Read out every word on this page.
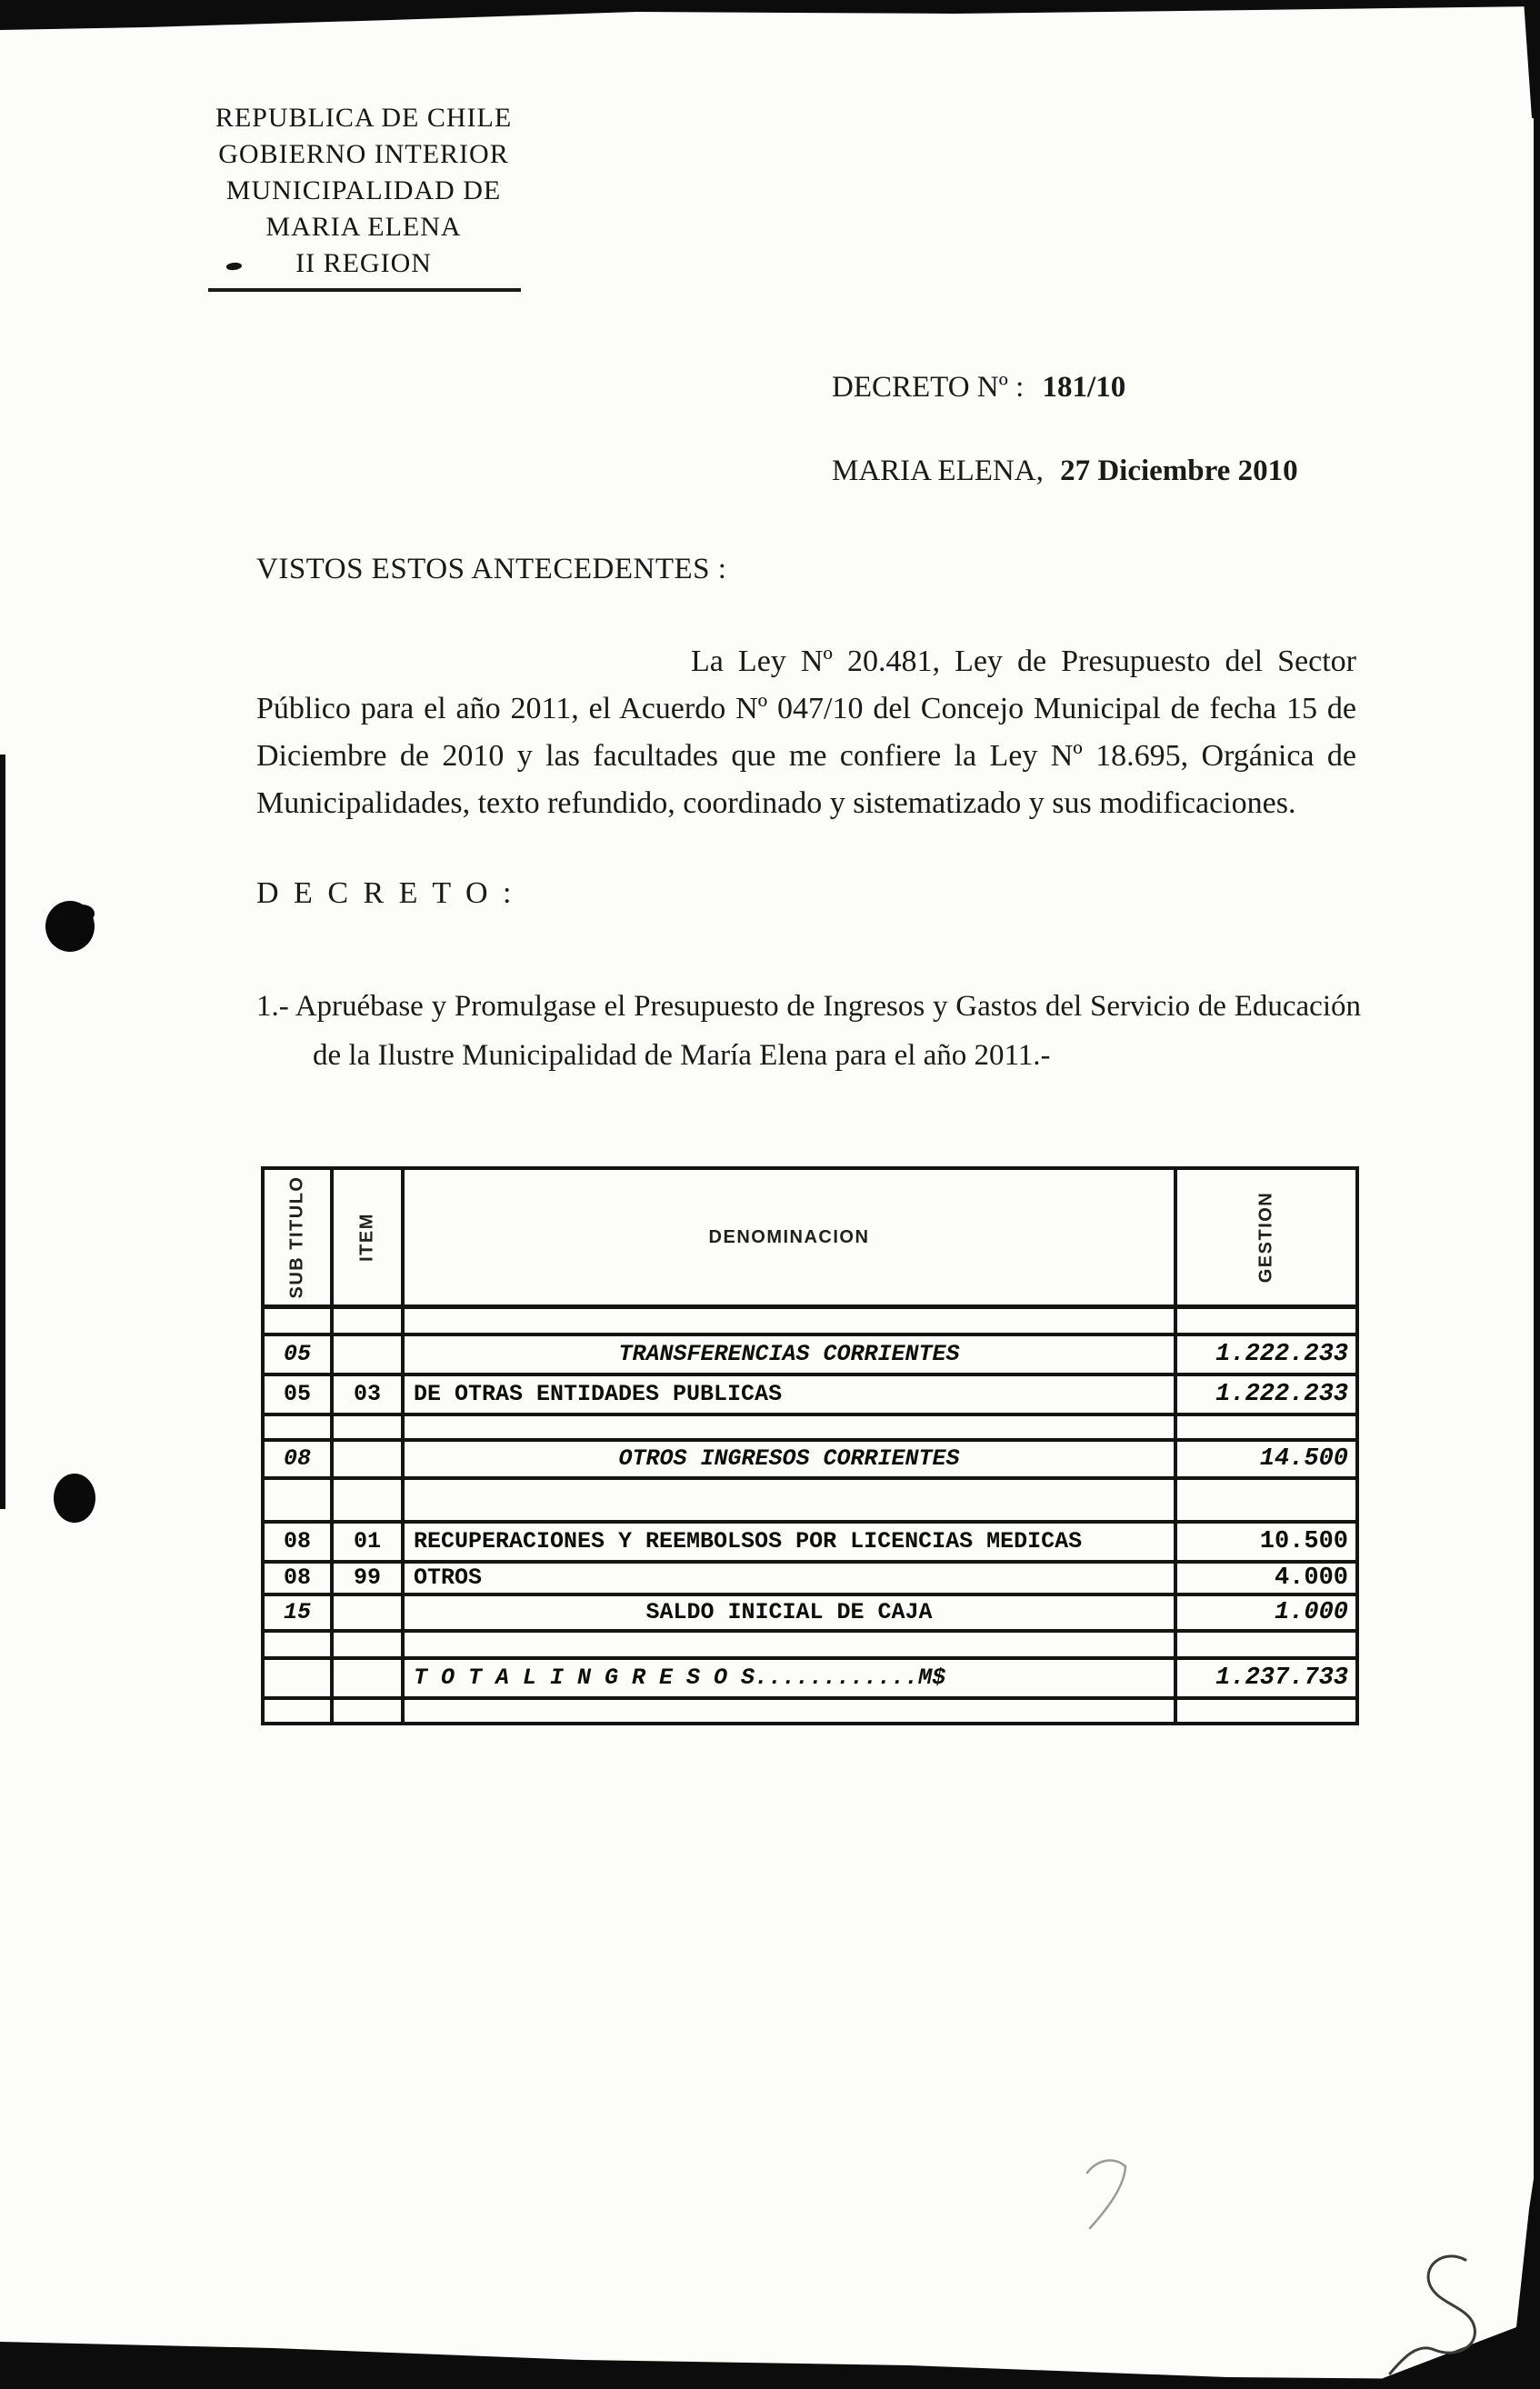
REPUBLICA DE CHILE
GOBIERNO INTERIOR
MUNICIPALIDAD DE
MARIA ELENA
II REGION
DECRETO Nº : 181/10
MARIA ELENA, 27 Diciembre 2010
VISTOS ESTOS ANTECEDENTES :
La Ley Nº 20.481, Ley de Presupuesto del Sector
Público para el año 2011, el Acuerdo Nº 047/10 del Concejo Municipal de fecha 15 de
Diciembre de 2010 y las facultades que me confiere la Ley Nº 18.695, Orgánica de
Municipalidades, texto refundido, coordinado y sistematizado y sus modificaciones.
D E C R E T O :
1.- Apruébase y Promulgase el Presupuesto de Ingresos y Gastos del Servicio de Educación
de la Ilustre Municipalidad de María Elena para el año 2011.-
SUB TITULO	ITEM	DENOMINACION	GESTION

05		TRANSFERENCIAS CORRIENTES	1.222.233
05	03	DE OTRAS ENTIDADES PUBLICAS	1.222.233

08		OTROS INGRESOS CORRIENTES	14.500

08	01	RECUPERACIONES Y REEMBOLSOS POR LICENCIAS MEDICAS	10.500
08	99	OTROS	4.000
15		SALDO INICIAL DE CAJA	1.000

		T O T A L I N G R E S O S............M$	1.237.733
